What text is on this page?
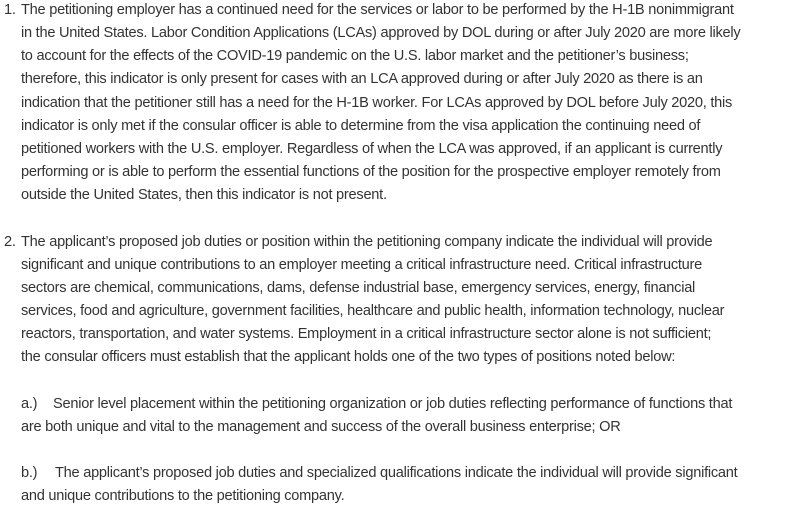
1. The petitioning employer has a continued need for the services or labor to be performed by the H-1B nonimmigrant
in the United States. Labor Condition Applications (LCAs) approved by DOL during or after July 2020 are more likely
to account for the effects of the COVID-19 pandemic on the U.S. labor market and the petitioner’s business;
therefore, this indicator is only present for cases with an LCA approved during or after July 2020 as there is an
indication that the petitioner still has a need for the H-1B worker. For LCAs approved by DOL before July 2020, this
indicator is only met if the consular officer is able to determine from the visa application the continuing need of
petitioned workers with the U.S. employer. Regardless of when the LCA was approved, if an applicant is currently
performing or is able to perform the essential functions of the position for the prospective employer remotely from
outside the United States, then this indicator is not present.
2. The applicant’s proposed job duties or position within the petitioning company indicate the individual will provide
significant and unique contributions to an employer meeting a critical infrastructure need. Critical infrastructure
sectors are chemical, communications, dams, defense industrial base, emergency services, energy, financial
services, food and agriculture, government facilities, healthcare and public health, information technology, nuclear
reactors, transportation, and water systems. Employment in a critical infrastructure sector alone is not sufficient;
the consular officers must establish that the applicant holds one of the two types of positions noted below:
a.) Senior level placement within the petitioning organization or job duties reflecting performance of functions that
are both unique and vital to the management and success of the overall business enterprise; OR
b.) The applicant’s proposed job duties and specialized qualifications indicate the individual will provide significant
and unique contributions to the petitioning company.
